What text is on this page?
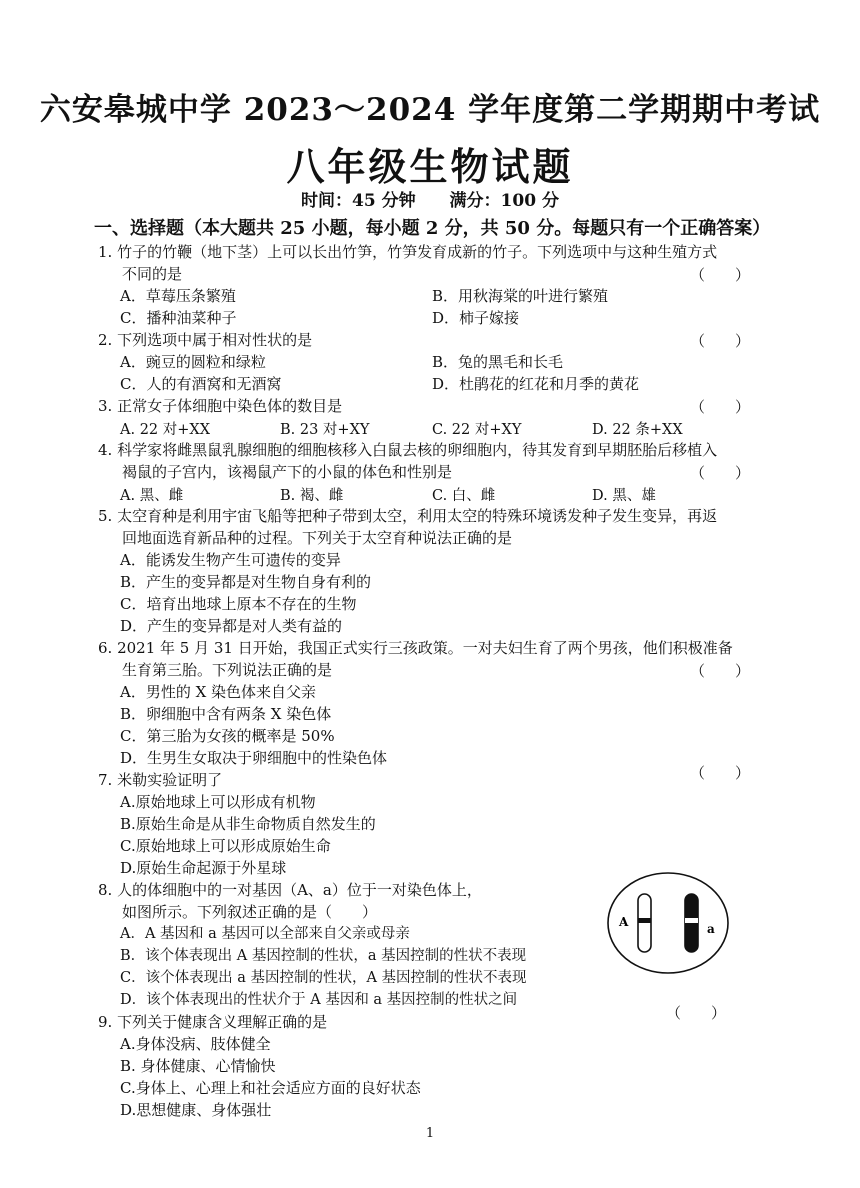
六安皋城中学 2023～2024 学年度第二学期期中考试
八年级生物试题
时间：45 分钟 满分：100 分
一、选择题（本大题共 25 小题，每小题 2 分，共 50 分。每题只有一个正确答案）
1. 竹子的竹鞭（地下茎）上可以长出竹笋，竹笋发育成新的竹子。下列选项中与这种生殖方式
不同的是	（　　）
A．草莓压条繁殖	B．用秋海棠的叶进行繁殖
C．播种油菜种子	D．柿子嫁接
2. 下列选项中属于相对性状的是	（　　）
A．豌豆的圆粒和绿粒	B．兔的黑毛和长毛
C．人的有酒窝和无酒窝	D．杜鹃花的红花和月季的黄花
3. 正常女子体细胞中染色体的数目是	（　　）
A. 22 对+XX	B. 23 对+XY	C. 22 对+XY	D. 22 条+XX
4. 科学家将雌黑鼠乳腺细胞的细胞核移入白鼠去核的卵细胞内，待其发育到早期胚胎后移植入
褐鼠的子宫内，该褐鼠产下的小鼠的体色和性别是	（　　）
A. 黑、雌	B. 褐、雌	C. 白、雌	D. 黑、雄
5. 太空育种是利用宇宙飞船等把种子带到太空，利用太空的特殊环境诱发种子发生变异，再返
回地面选育新品种的过程。下列关于太空育种说法正确的是
A．能诱发生物产生可遗传的变异
B．产生的变异都是对生物自身有利的
C．培育出地球上原本不存在的生物
D．产生的变异都是对人类有益的
6. 2021 年 5 月 31 日开始，我国正式实行三孩政策。一对夫妇生育了两个男孩，他们积极准备
生育第三胎。下列说法正确的是	（　　）
A．男性的 X 染色体来自父亲
B．卵细胞中含有两条 X 染色体
C．第三胎为女孩的概率是 50%
D．生男生女取决于卵细胞中的性染色体
7. 米勒实验证明了	（　　）
A.原始地球上可以形成有机物
B.原始生命是从非生命物质自然发生的
C.原始地球上可以形成原始生命
D.原始生命起源于外星球
8. 人的体细胞中的一对基因（A、a）位于一对染色体上，
如图所示。下列叙述正确的是（　　）
A．A 基因和 a 基因可以全部来自父亲或母亲
B．该个体表现出 A 基因控制的性状，a 基因控制的性状不表现
C．该个体表现出 a 基因控制的性状，A 基因控制的性状不表现
D．该个体表现出的性状介于 A 基因和 a 基因控制的性状之间
A	a
9. 下列关于健康含义理解正确的是	（　　）
A.身体没病、肢体健全
B. 身体健康、心情愉快
C.身体上、心理上和社会适应方面的良好状态
D.思想健康、身体强壮
1
